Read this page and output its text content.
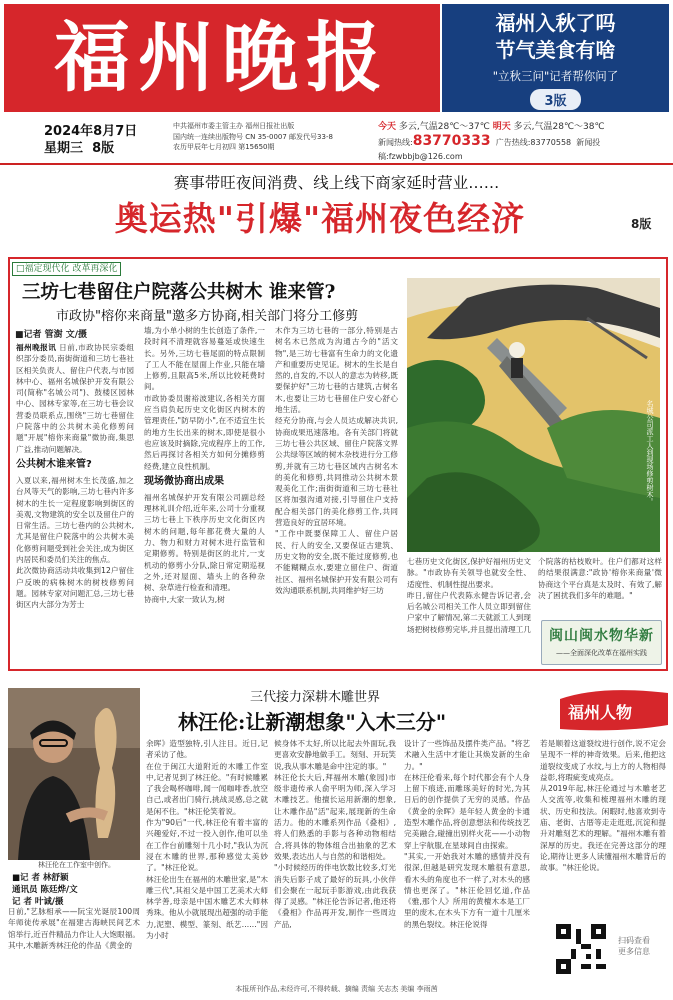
福州晚报	福州入秋了吗
节气美食有啥
"立秋三问"记者帮你问了
3版
2024年8月7日
星期三 8版
中共福州市委主管主办 福州日报社出版
国内统一连续出版物号 CN 35-0007 邮发代号33-8
农历甲辰年七月初四 第15650期
今天 多云,气温28℃～37℃ 明天 多云,气温28℃～38℃
新闻热线:83770333 广告热线:83770558 新闻投稿:fzwbbjb@126.com
赛事带旺夜间消费、线上线下商家延时营业……
奥运热"引爆"福州夜色经济	8版
□福定现代化 改革再深化
三坊七巷留住户院落公共树木 谁来管?
市政协"榕你来商量"邀多方协商,相关部门将分工修剪
■记者 管澍 文/摄
福州晚报讯 日前,市政协民宗委组织部分委员,南街街道和三坊七巷社区相关负责人、留住户代表,与市园林中心、福州名城保护开发有限公司(简称"名城公司")、鼓楼区园林中心、园林专家等,在三坊七巷会议营委员联系点,围绕"三坊七巷留住户院落中的公共树木美化修剪问题"开展"榕你来商量"微协商,集思广益,推动问题解决。
公共树木谁来管?
入夏以来,福州树木生长茂盛,加之台风等天气的影响,三坊七巷内许多树木的生长一定程度影响到街区的美观,文物建筑的安全以及留住户的日常生活。三坊七巷内的公共树木,尤其是留住户院落中的公共树木美化修剪问题受到社会关注,成为街区内居民和委员们关注的焦点。
此次微协商活动共收集到12户留住户反映的病株树木的树枝修剪问题。园林专家对问题汇总,三坊七巷街区内大部分为芳士
墙,为小单小树的生长创造了条件,一段时间不清理就容易蔓延或快速生长。另外,三坊七巷尾面的特点限制了工人不能在屋面上作业,只能在墙上修剪,且限高5米,所以比较耗费时间。
市政协委员谢裕波建议,各相关方面应当肩负起历史文化街区内树木的管理责任,"防早防小",在不适宜生长的地方生长出来的树木,即使是很小也应该及时摘除,完成程序上的工作,然后再探讨各相关方如何分摊修剪经费,建立良性机制。
现场微协商出成果
福州名城保护开发有限公司副总经理林礼训介绍,近年来,公司十分重视三坊七巷上下秩序历史文化街区内树木的问题,每年都花费大量的人力、物力和财力对树木进行监管和定期修剪。特别是街区的北片,一支机动的修剪小分队,除日常定期巡视之外,还对屋面、墙头上的各种杂树、杂草进行检查和清理。
协商中,大家一致认为,树
木作为三坊七巷的一部分,特别是古树名木已然成为沟通古今的"活文物",是三坊七巷富有生命力的文化遗产和重要历史见证。树木的生长是自然的,自发的,不以人的意志为转移,既要保护好"三坊七巷的古建筑,古树名木,也要让三坊七巷留住户安心舒心地生活。
经充分协商,与会人员达成解决共识,协商成果迅速落地。各有关部门将就三坊七巷公共区域、留住户院落文界公共绿等区域的树木杂枝进行分工修剪,并就有三坊七巷区域内古树名木的美化和修剪,共同推动公共树木景观美化工作;南街街道和三坊七巷社区将加强沟通对接,引导留住户支持配合相关部门的美化修剪工作,共同营造良好的宜居环境。
"工作中既要保障工人、留住户居民、行人的安全,又要保证古建筑、历史文物的安全,既不能过度修剪,也不能糊糊点水,要建立留住户、街道社区、福州名城保护开发有限公司有效沟通联系机制,共同维护好三坊
七巷历史文化街区,保护好福州历史文脉。"市政协有关领导也就安全性、适度性、机制性提出要求。
昨日,留住户代表陈永健告诉记者,会后名城公司相关工作人员立即到留住户家中了解情况,第二天就派工人到现场把树枝修剪完毕,并且提出清理工几
个院落的枯枝败叶。住户们都对这样的结果很满意:"政协'榕你来商量'微协商这个平台真是太及时、有效了,解决了困扰我们多年的难题。"
名城公司派工人到现场修剪树木。
闽山闽水物华新
——全面深化改革在福州实践
林汪伦在工作室中创作。
■记 者 林舒颖
通讯员 陈廷烨/文
记 者 叶诚/摄
三代接力深耕木雕世界
林汪伦:让新潮想象"入木三分"	福州人物
日前,"艺脉相承——阮宝光诞辰100周年师徒传承展"在福建古海峡民间艺术馆举行,近百件精品力作让人大饱眼福。其中,木雕新秀林汪伦的作品《黄金的
余晖》造型独特,引人注目。近日,记者采访了他。
在位于闽江大道附近的木雕工作室中,记者见到了林汪伦。"有时候雕累了我会喝杯咖啡,闻一闻咖啡香,放空自己,或者出门骑行,挑战灵感,总之就是闲不住。"林汪伦笑着说。
作为"90后"一代,林汪伦有着丰富的兴趣爱好,不过一投入创作,他可以坐在工作台前雕刻十几小时,"我认为沉浸在木雕的世界,那种感觉太美妙了。"林汪伦说。
林汪伦出生在福州的木雕世家,是"木雕三代",其祖父是中国工艺美术大师林学善,母亲是中国木雕艺术大师林秀珠。他从小就展现出超强的动手能力,泥塑、模型、篆刻、纸艺……"因为小时
候身体不太好,所以比起去外面玩,我更喜欢安静地做手工。刻刻、开玩笑说,我从事木雕是命中注定的事。"
林汪伦长大后,拜福州木雕(象园)市级非遗传承人俞平明为师,深入学习木雕技艺。他擅长运用新潮的想象,让木雕作品"活"起来,展现新的生命活力。他的木雕系列作品《叠相》,将人们熟悉的手影与各种动物相结合,将具体的物体组合出抽象的艺术效果,表达出人与自然的和谐相处。
"小时候经历的伴电饮数比较多,灯光消失后影子成了最好的玩具,小伙伴们会聚在一起玩手影游戏,由此我获得了灵感。"林汪伦告诉记者,他还将《叠相》作品再开发,制作一些周边产品,
设计了一些饰品及摆件类产品。"将艺术融入生活中才能让其焕发新的生命力。"
在林汪伦看来,每个时代都会有个人身上留下痕迹,而雕琢美好的时光,为其日后的创作提供了无穷的灵感。作品《黄金的余晖》是年轻人黄金的卡通造型木雕作品,将创意想法和传统技艺完美融合,碰撞出别样火花——小动物穿上宇航服,在星球间自由探索。
"其实,一开始我对木雕的感情并没有很深,但越是研究发现木雕很有意思,看木头的角度也不一样了,对木头的感情也更深了。"林汪伦回忆道,作品《雅,那个人》所用的黄檀木本是工厂里的废木,在木头下方有一道十几厘米的黑色裂纹。林汪伦说得
若是顺着这道裂纹进行创作,说不定会呈现不一样的神奇效果。后来,他把这道裂纹变成了水纹,与上方的人物相得益彰,将瑕疵变成亮点。
从2019年起,林汪伦通过与木雕老艺人交流等,收集和梳理福州木雕的现状、历史和技法。闲暇时,他喜欢到寺庙、老街、古厝等走走逛逛,沉淀和提升对雕刻艺术的理解。"福州木雕有着深厚的历史。我还在完善这部分的理论,期待让更多人读懂福州木雕背后的故事。"林汪伦说。
扫码查看
更多信息
本报所刊作品,未经许可,不得转载、摘编 责编 关志杰 美编 李雨茜
